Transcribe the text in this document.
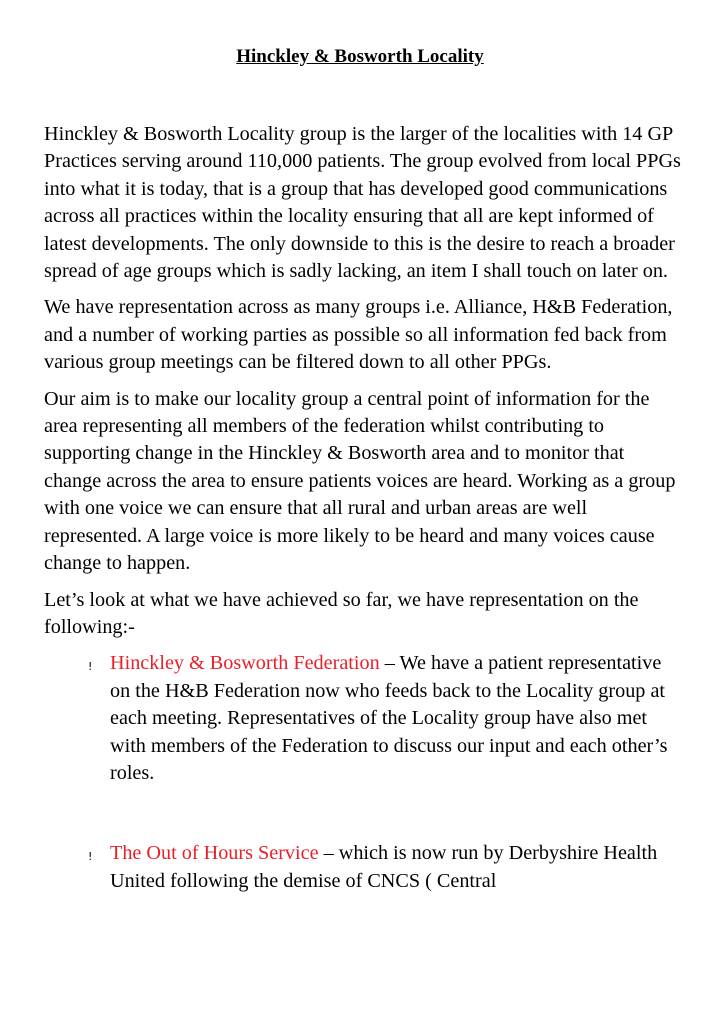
Hinckley & Bosworth Locality

Hinckley & Bosworth Locality group is the larger of the localities with 14 GP Practices serving around 110,000 patients. The group evolved from local PPGs into what it is today, that is a group that has developed good communications across all practices within the locality ensuring that all are kept informed of latest developments. The only downside to this is the desire to reach a broader spread of age groups which is sadly lacking, an item I shall touch on later on.

We have representation across as many groups i.e. Alliance, H&B Federation, and a number of working parties as possible so all information fed back from various group meetings can be filtered down to all other PPGs.

Our aim is to make our locality group a central point of information for the area representing all members of the federation whilst contributing to supporting change in the Hinckley & Bosworth area and to monitor that change across the area to ensure patients voices are heard. Working as a group with one voice we can ensure that all rural and urban areas are well represented. A large voice is more likely to be heard and many voices cause change to happen.

Let’s look at what we have achieved so far, we have representation on the following:-

! Hinckley & Bosworth Federation – We have a patient representative on the H&B Federation now who feeds back to the Locality group at each meeting. Representatives of the Locality group have also met with members of the Federation to discuss our input and each other’s roles.
! The Out of Hours Service – which is now run by Derbyshire Health United following the demise of CNCS ( Central
